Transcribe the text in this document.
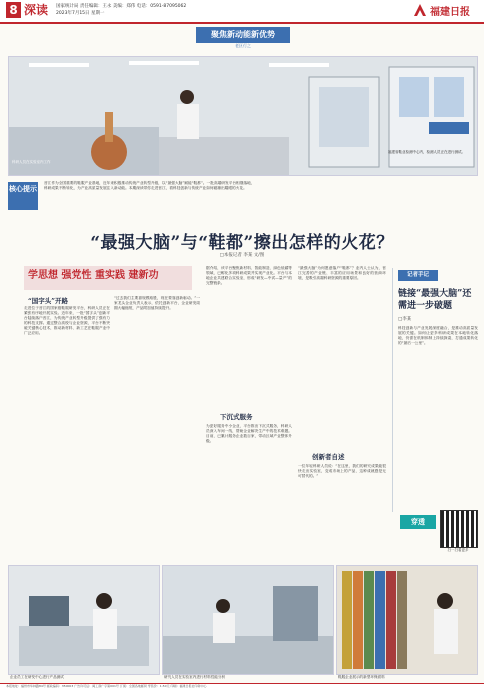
8 深读 国家统计局 责任编辑：王永 美编：郑伟 电话：0591-87095062
2023年7月15日 星期一	福建日报
聚焦新动能新优势
老区行之
科研人员在实验室内工作
福建省鞋业检测中心内，检测人员正在进行测试。
核心提示
晋江作为全国重要的鞋服产业基地，近年来积极推动传统产业转型升级，以“最强大脑”赋能“鞋都”。一批高端研发平台相继落地，科研成果不断转化，为产业高质量发展注入新动能。本期深读带你走进晋江，看科技创新与传统产业如何碰撞出耀眼的火花。
“最强大脑”与“鞋都”擦出怎样的火花？
□本报记者 李某 文/图
学思想 强党性 重实践 建新功
“国字头”开路
走进位于晋江的国家级鞋服研发平台，科研人员正在紧张有序地开展实验。近年来，一批“国字头”创新平台陆续落户晋江，为传统产业转型升级提供了强有力的科技支撑。通过整合高校与企业资源，平台不断突破关键核心技术，推动新材料、新工艺在鞋服产业中广泛应用。
“过去我们主要靠规模取胜，现在要靠创新驱动。”一家龙头企业负责人表示，依托创新平台，企业研发周期大幅缩短，产品附加值持续提升。
据介绍，该平台聚焦新材料、智能制造、绿色低碳等领域，已孵化多项科研成果并实现产业化。平台与本地企业共建联合实验室，形成“研发—中试—量产”的完整链条。
下沉式服务
为更好服务中小企业，平台推出下沉式服务，科研人员深入车间一线，帮助企业解决生产中的技术难题。目前，已累计服务企业数百家，带动区域产业整体升级。
“最强大脑”为何愿意落户“鞋都”？业内人士认为，晋江完善的产业链、丰富的应用场景和良好的营商环境，是吸引高端科研资源的重要原因。
创新者自述
一位年轻科研人员说：“在这里，我们的研究成果能很快走出实验室，变成市场上的产品，这种成就感是无可替代的。”
记者手记
链接“最强大脑”还需进一步破题
□李某
科技创新与产业发展深度融合，是推动高质量发展的关键。如何让更多科研成果在本地转化落地，仍需在机制体制上持续探索，打通成果转化的“最后一公里”。
穿透
扫一扫看更多
企业员工在研发中心进行产品测试	研究人员在实验室内进行材料性能分析	鞋服企业展示的新型环保面料
本报地址：福州市华林路84号 邮政编码：350003 广告许可证：闽工商广字第001号 订阅：全国各地邮局 零售价：1.50元 印刷：福建日报社印务中心
